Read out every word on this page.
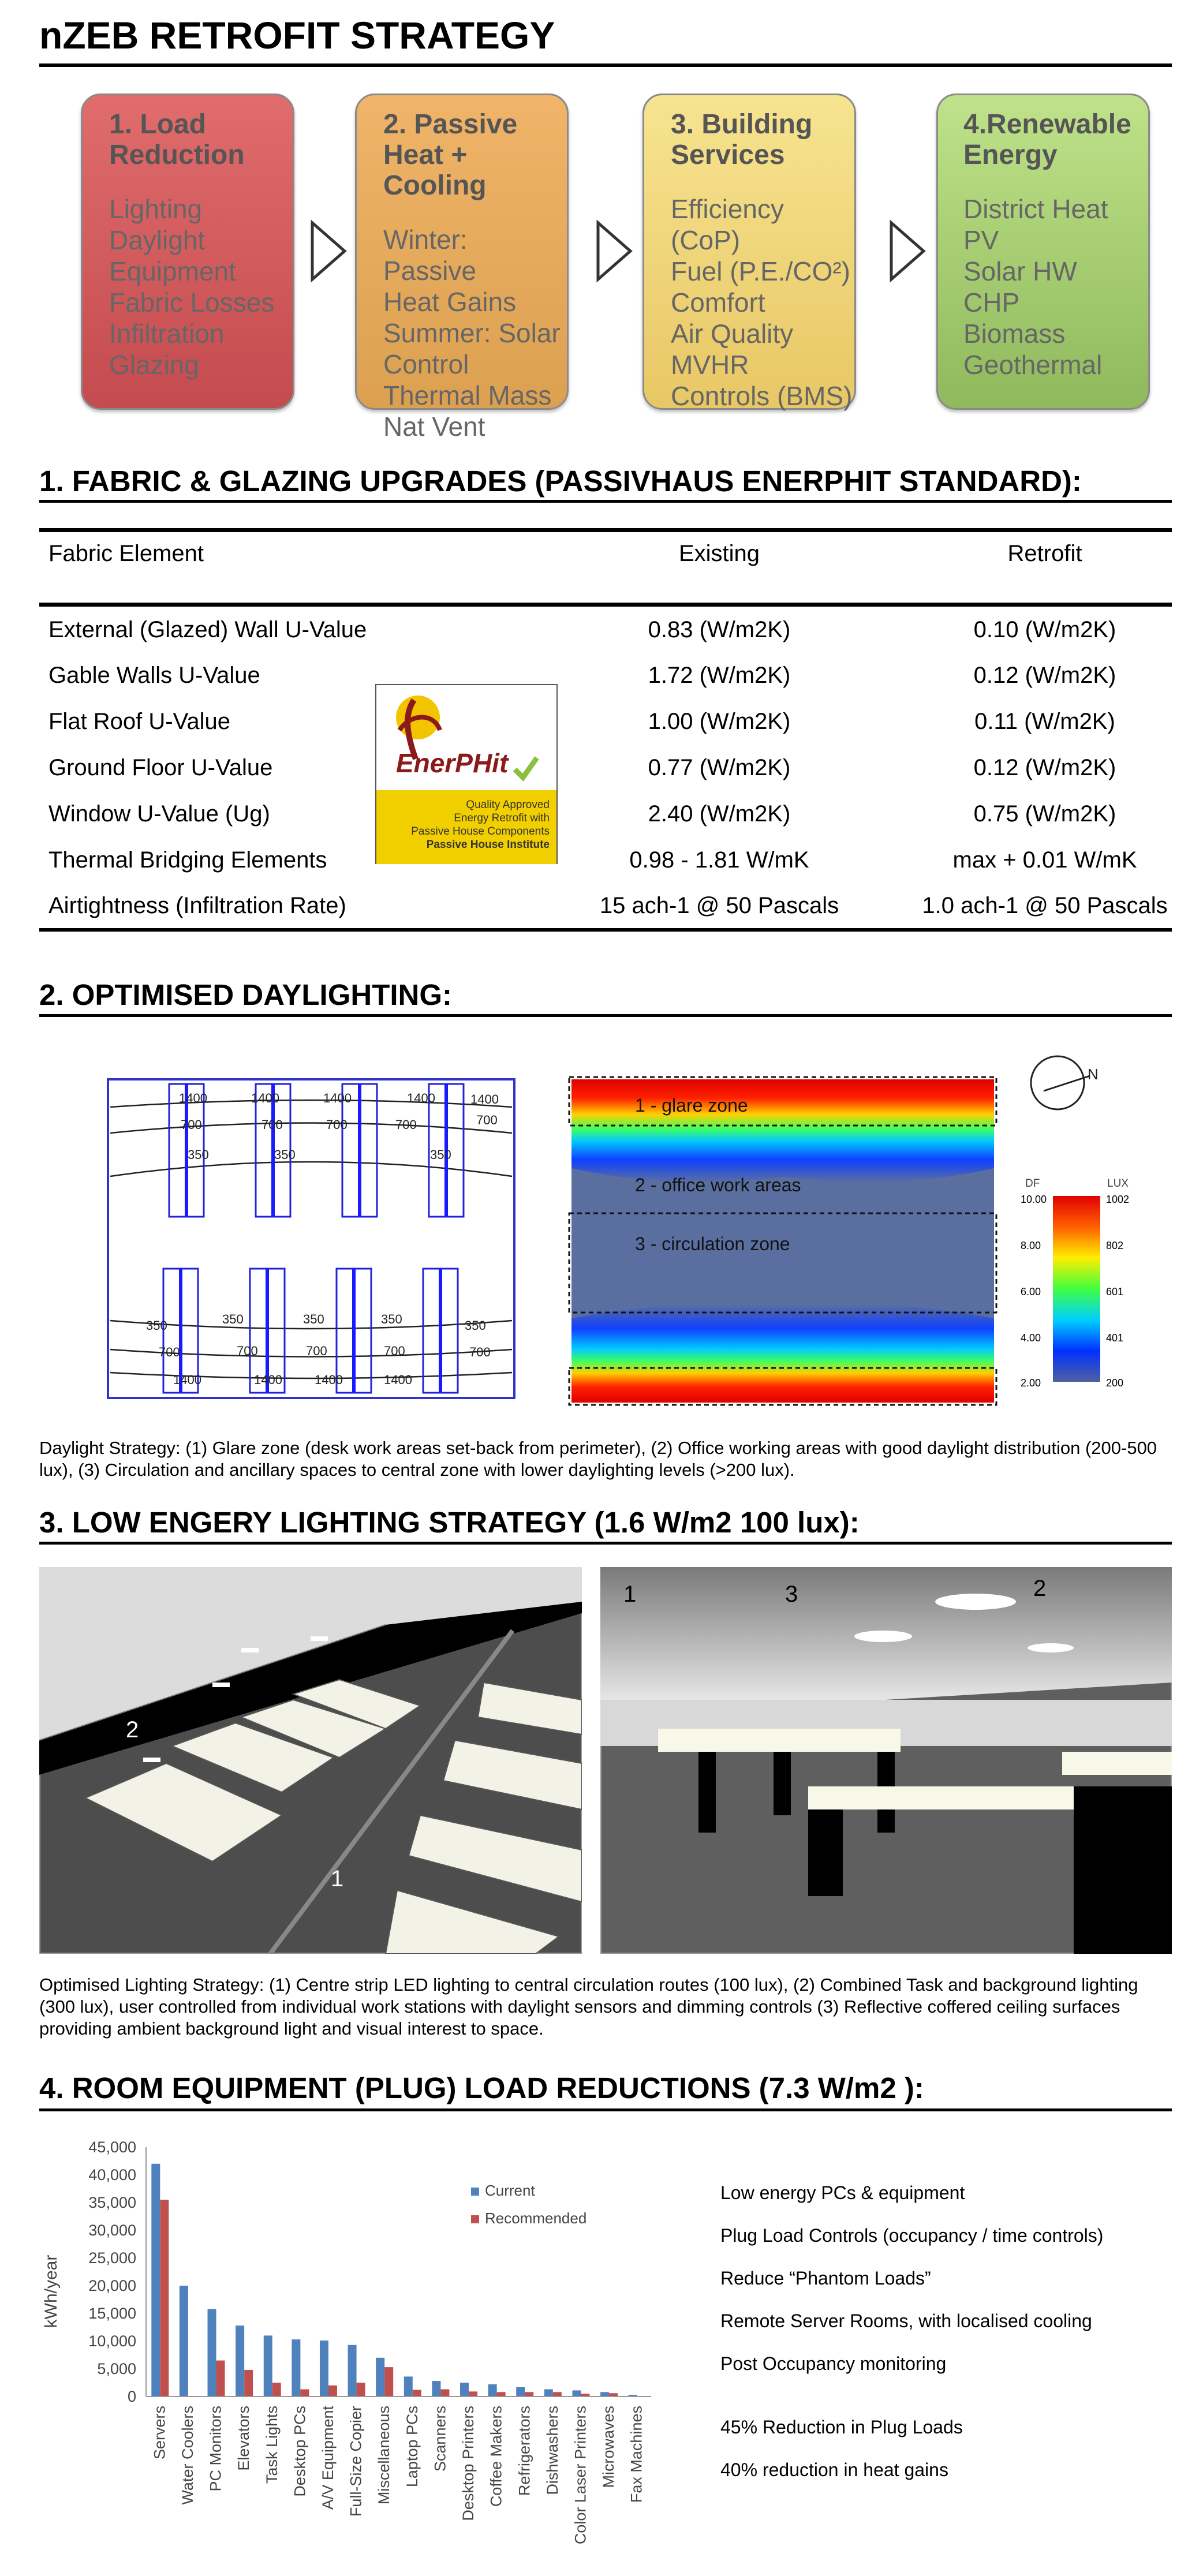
nZEB RETROFIT STRATEGY
1. Load
Reduction
Lighting
Daylight
Equipment
Fabric Losses
Infiltration
Glazing
2. Passive
Heat + Cooling
Winter: Passive
Heat Gains
Summer: Solar
Control
Thermal Mass
Nat Vent
3. Building
Services
Efficiency (CoP)
Fuel (P.E./CO²)
Comfort
Air Quality
MVHR
Controls (BMS)
4.Renewable
Energy
District Heat
PV
Solar HW
CHP
Biomass
Geothermal
1. FABRIC & GLAZING UPGRADES (PASSIVHAUS ENERPHIT STANDARD):
Fabric Element	Existing	Retrofit
External (Glazed) Wall U-Value	0.83 (W/m2K)	0.10 (W/m2K)
Gable Walls U-Value	1.72 (W/m2K)	0.12 (W/m2K)
Flat Roof U-Value	1.00 (W/m2K)	0.11 (W/m2K)
Ground Floor U-Value	0.77 (W/m2K)	0.12 (W/m2K)
Window U-Value (Ug)	2.40 (W/m2K)	0.75 (W/m2K)
Thermal Bridging Elements	0.98 - 1.81 W/mK	max + 0.01 W/mK
Airtightness (Infiltration Rate)	15 ach-1 @ 50 Pascals	1.0 ach-1 @ 50 Pascals
EnerPHit
Quality Approved
Energy Retrofit with
Passive House Components
Passive House Institute
2. OPTIMISED DAYLIGHTING:
1400	1400	1400	1400	1400
700	700	700	700	700
350	350	350
350	350	350	350	350
700	700	700	700	700
1400	1400	1400	1400
1 - glare zone
2 - office work areas
3 - circulation zone
N
DF	LUX
10.00
8.00
6.00
4.00
2.00
1002
802
601
401
200
Daylight Strategy: (1) Glare zone (desk work areas set-back from perimeter), (2) Office working areas with good daylight distribution (200-500 lux), (3) Circulation and ancillary spaces to central zone with lower daylighting levels (>200 lux).
3. LOW ENGERY LIGHTING STRATEGY (1.6 W/m2 100 lux):
2
1
1	3	2
Optimised Lighting Strategy: (1) Centre strip LED lighting to central circulation routes (100 lux), (2) Combined Task and background lighting (300 lux), user controlled from individual work stations with daylight sensors and dimming controls (3) Reflective coffered ceiling surfaces providing ambient background light and visual interest to space.
4. ROOM EQUIPMENT (PLUG) LOAD REDUCTIONS (7.3 W/m2 ):
kWh/year
45,000
40,000
35,000
30,000
25,000
20,000
15,000
10,000
5,000
0
Servers Water Coolers PC Monitors Elevators Task Lights Desktop PCs A/V Equipment Full-Size Copier Miscellaneous Laptop PCs Scanners Desktop Printers Coffee Makers Refrigerators Dishwashers Color Laser Printers Microwaves Fax Machines
Current
Recommended
Low energy PCs & equipment
Plug Load Controls (occupancy / time controls)
Reduce “Phantom Loads”
Remote Server Rooms, with localised cooling
Post Occupancy monitoring
45% Reduction in Plug Loads
40% reduction in heat gains
